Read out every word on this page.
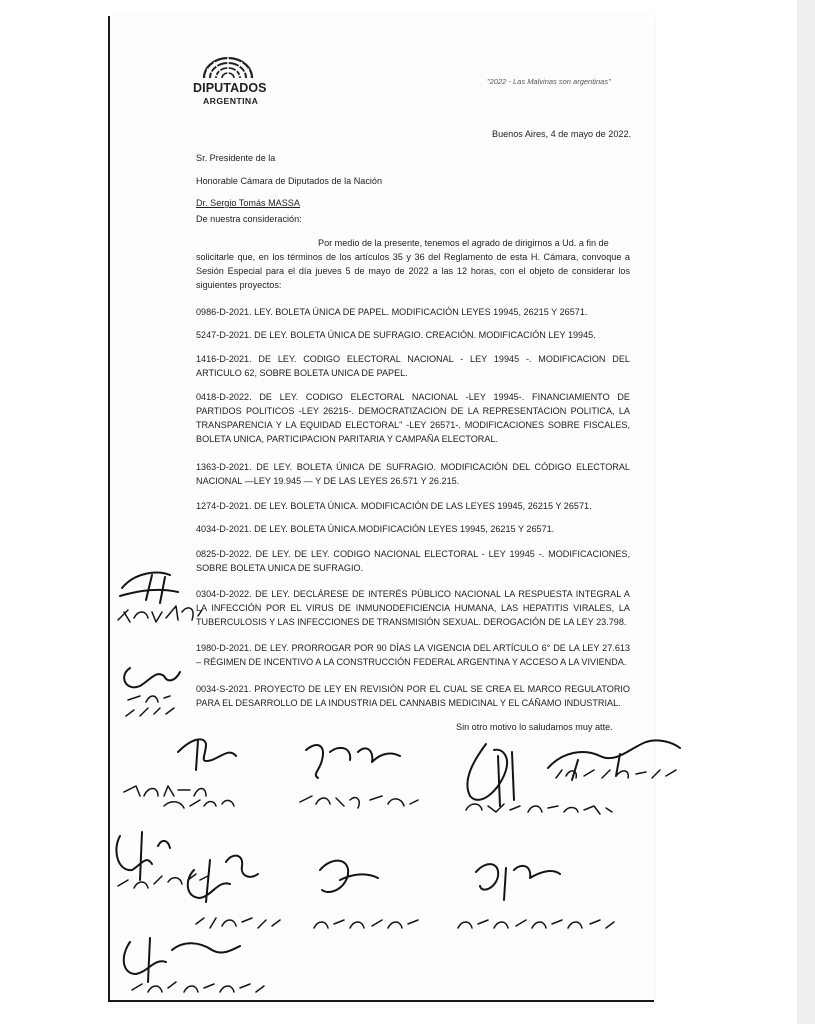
DIPUTADOS
ARGENTINA
"2022 - Las Malvinas son argentinas"
Buenos Aires, 4 de mayo de 2022.
Sr. Presidente de la
Honorable Cámara de Diputados de la Nación
Dr. Sergio Tomás MASSA
De nuestra consideración:
Por medio de la presente, tenemos el agrado de dirigirnos a Ud. a fin de
solicitarle que, en los términos de los artículos 35 y 36 del Reglamento de esta H. Cámara, convoque a Sesión Especial para el día jueves 5 de mayo de 2022 a las 12 horas, con el objeto de considerar los siguientes proyectos:
0986-D-2021. LEY. BOLETA ÚNICA DE PAPEL. MODIFICACIÓN LEYES 19945, 26215 Y 26571.
5247-D-2021. DE LEY. BOLETA ÚNICA DE SUFRAGIO. CREACIÓN. MODIFICACIÓN LEY 19945.
1416-D-2021. DE LEY. CODIGO ELECTORAL NACIONAL - LEY 19945 -. MODIFICACION DEL ARTICULO 62, SOBRE BOLETA UNICA DE PAPEL.
0418-D-2022. DE LEY. CODIGO ELECTORAL NACIONAL -LEY 19945-. FINANCIAMIENTO DE PARTIDOS POLITICOS -LEY 26215-. DEMOCRATIZACION DE LA REPRESENTACION POLITICA, LA TRANSPARENCIA Y LA EQUIDAD ELECTORAL" -LEY 26571-. MODIFICACIONES SOBRE FISCALES, BOLETA UNICA, PARTICIPACION PARITARIA Y CAMPAÑA ELECTORAL.
1363-D-2021. DE LEY. BOLETA ÚNICA DE SUFRAGIO. MODIFICACIÓN DEL CÓDIGO ELECTORAL NACIONAL —LEY 19.945 — Y DE LAS LEYES 26.571 Y 26.215.
1274-D-2021. DE LEY. BOLETA ÚNICA. MODIFICACIÓN DE LAS LEYES 19945, 26215 Y 26571.
4034-D-2021. DE LEY. BOLETA ÚNICA.MODIFICACIÓN LEYES 19945, 26215 Y 26571.
0825-D-2022. DE LEY. DE LEY. CODIGO NACIONAL ELECTORAL - LEY 19945 -. MODIFICACIONES, SOBRE BOLETA UNICA DE SUFRAGIO.
0304-D-2022. DE LEY. DECLÁRESE DE INTERÉS PÚBLICO NACIONAL LA RESPUESTA INTEGRAL A LA INFECCIÓN POR EL VIRUS DE INMUNODEFICIENCIA HUMANA, LAS HEPATITIS VIRALES, LA TUBERCULOSIS Y LAS INFECCIONES DE TRANSMISIÓN SEXUAL. DEROGACIÓN DE LA LEY 23.798.
1980-D-2021. DE LEY. PRORROGAR POR 90 DÍAS LA VIGENCIA DEL ARTÍCULO 6° DE LA LEY 27.613 – RÉGIMEN DE INCENTIVO A LA CONSTRUCCIÓN FEDERAL ARGENTINA Y ACCESO A LA VIVIENDA.
0034-S-2021. PROYECTO DE LEY EN REVISIÓN POR EL CUAL SE CREA EL MARCO REGULATORIO PARA EL DESARROLLO DE LA INDUSTRIA DEL CANNABIS MEDICINAL Y EL CÁÑAMO INDUSTRIAL.
Sin otro motivo lo saludamos muy atte.
